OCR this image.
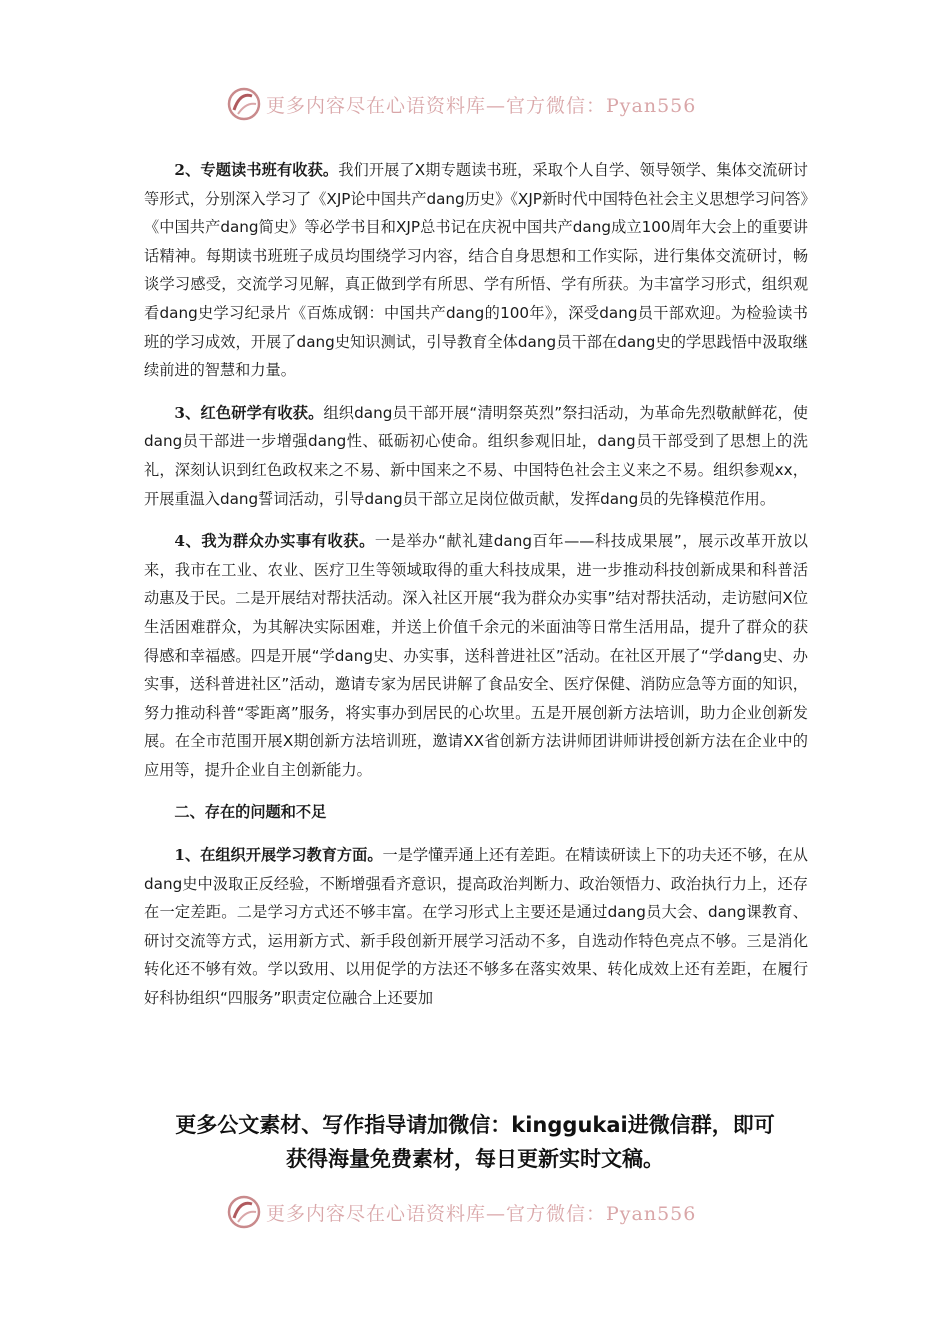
更多内容尽在心语资料库—官方微信：Pyan556

2、专题读书班有收获。我们开展了X期专题读书班，采取个人自学、领导领学、集体交流研讨等形式，分别深入学习了《XJP论中国共产dang历史》《XJP新时代中国特色社会主义思想学习问答》《中国共产dang简史》等必学书目和XJP总书记在庆祝中国共产dang成立100周年大会上的重要讲话精神。每期读书班班子成员均围绕学习内容，结合自身思想和工作实际，进行集体交流研讨，畅谈学习感受，交流学习见解，真正做到学有所思、学有所悟、学有所获。为丰富学习形式，组织观看dang史学习纪录片《百炼成钢：中国共产dang的100年》，深受dang员干部欢迎。为检验读书班的学习成效，开展了dang史知识测试，引导教育全体dang员干部在dang史的学思践悟中汲取继续前进的智慧和力量。

3、红色研学有收获。组织dang员干部开展“清明祭英烈”祭扫活动，为革命先烈敬献鲜花，使dang员干部进一步增强dang性、砥砺初心使命。组织参观旧址，dang员干部受到了思想上的洗礼，深刻认识到红色政权来之不易、新中国来之不易、中国特色社会主义来之不易。组织参观xx，开展重温入dang誓词活动，引导dang员干部立足岗位做贡献，发挥dang员的先锋模范作用。

4、我为群众办实事有收获。一是举办“献礼建dang百年——科技成果展”，展示改革开放以来，我市在工业、农业、医疗卫生等领域取得的重大科技成果，进一步推动科技创新成果和科普活动惠及于民。二是开展结对帮扶活动。深入社区开展“我为群众办实事”结对帮扶活动，走访慰问X位生活困难群众，为其解决实际困难，并送上价值千余元的米面油等日常生活用品，提升了群众的获得感和幸福感。四是开展“学dang史、办实事，送科普进社区”活动。在社区开展了“学dang史、办实事，送科普进社区”活动，邀请专家为居民讲解了食品安全、医疗保健、消防应急等方面的知识，努力推动科普“零距离”服务，将实事办到居民的心坎里。五是开展创新方法培训，助力企业创新发展。在全市范围开展X期创新方法培训班，邀请XX省创新方法讲师团讲师讲授创新方法在企业中的应用等，提升企业自主创新能力。

二、存在的问题和不足

1、在组织开展学习教育方面。一是学懂弄通上还有差距。在精读研读上下的功夫还不够，在从dang史中汲取正反经验，不断增强看齐意识，提高政治判断力、政治领悟力、政治执行力上，还存在一定差距。二是学习方式还不够丰富。在学习形式上主要还是通过dang员大会、dang课教育、研讨交流等方式，运用新方式、新手段创新开展学习活动不多，自选动作特色亮点不够。三是消化转化还不够有效。学以致用、以用促学的方法还不够多在落实效果、转化成效上还有差距，在履行好科协组织“四服务”职责定位融合上还要加

更多公文素材、写作指导请加微信：kinggukai进微信群，即可
获得海量免费素材，每日更新实时文稿。
更多内容尽在心语资料库—官方微信：Pyan556
